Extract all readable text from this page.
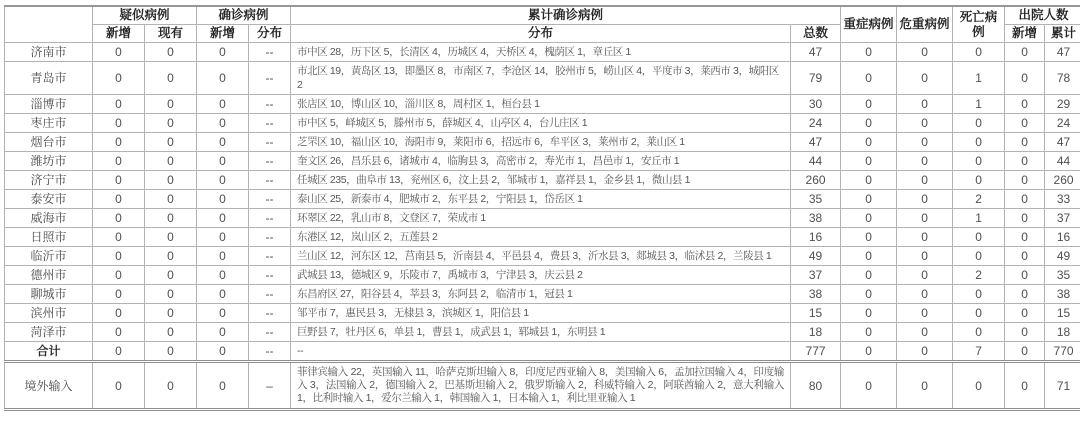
	疑似病例		确诊病例		累计确诊病例		重症病例	危重病例	死亡病例	出院人数	
	新增	现有	新增	分布	分布	总数				新增	累计
济南市	0	0	0	--	市中区 28，历下区 5，长清区 4，历城区 4，天桥区 4，槐荫区 1，章丘区 1	47	0	0	0	0	47
青岛市	0	0	0	--	市北区 19，黄岛区 13，即墨区 8，市南区 7，李沧区 14，胶州市 5，崂山区 4，平度市 3，莱西市 3，城阳区 2	79	0	0	1	0	78
淄博市	0	0	0	--	张店区 10，博山区 10，淄川区 8，周村区 1，桓台县 1	30	0	0	1	0	29
枣庄市	0	0	0	--	市中区 5，峄城区 5，滕州市 5，薛城区 4，山亭区 4，台儿庄区 1	24	0	0	0	0	24
烟台市	0	0	0	--	芝罘区 10，福山区 10，海阳市 9，莱阳市 6，招远市 6，牟平区 3，莱州市 2，莱山区 1	47	0	0	0	0	47
潍坊市	0	0	0	--	奎文区 26，昌乐县 6，诸城市 4，临朐县 3，高密市 2，寿光市 1，昌邑市 1，安丘市 1	44	0	0	0	0	44
济宁市	0	0	0	--	任城区 235，曲阜市 13，兖州区 6，汶上县 2，邹城市 1，嘉祥县 1，金乡县 1，微山县 1	260	0	0	0	0	260
泰安市	0	0	0	--	泰山区 25，新泰市 4，肥城市 2，东平县 2，宁阳县 1，岱岳区 1	35	0	0	2	0	33
威海市	0	0	0	--	环翠区 22，乳山市 8，文登区 7，荣成市 1	38	0	0	1	0	37
日照市	0	0	0	--	东港区 12，岚山区 2，五莲县 2	16	0	0	0	0	16
临沂市	0	0	0	--	兰山区 12，河东区 12，莒南县 5，沂南县 4，平邑县 4，费县 3，沂水县 3，郯城县 3，临沭县 2，兰陵县 1	49	0	0	0	0	49
德州市	0	0	0	--	武城县 13，德城区 9，乐陵市 7，禹城市 3，宁津县 3，庆云县 2	37	0	0	2	0	35
聊城市	0	0	0	--	东昌府区 27，阳谷县 4，莘县 3，东阿县 2，临清市 1，冠县 1	38	0	0	0	0	38
滨州市	0	0	0	--	邹平市 7，惠民县 3，无棣县 3，滨城区 1，阳信县 1	15	0	0	0	0	15
菏泽市	0	0	0	--	巨野县 7，牡丹区 6，单县 1，曹县 1，成武县 1，郓城县 1，东明县 1	18	0	0	0	0	18
合计	0	0	0	--	--	777	0	0	7	0	770
境外输入	0	0	0	–	菲律宾输入 22，英国输入 11，哈萨克斯坦输入 8，印度尼西亚输入 8，美国输入 6，孟加拉国输入 4，印度输入 3，法国输入 2，德国输入 2，巴基斯坦输入 2，俄罗斯输入 2，科威特输入 2，阿联酋输入 2，意大利输入 1，比利时输入 1，爱尔兰输入 1，韩国输入 1，日本输入 1，利比里亚输入 1	80	0	0	0	0	71
